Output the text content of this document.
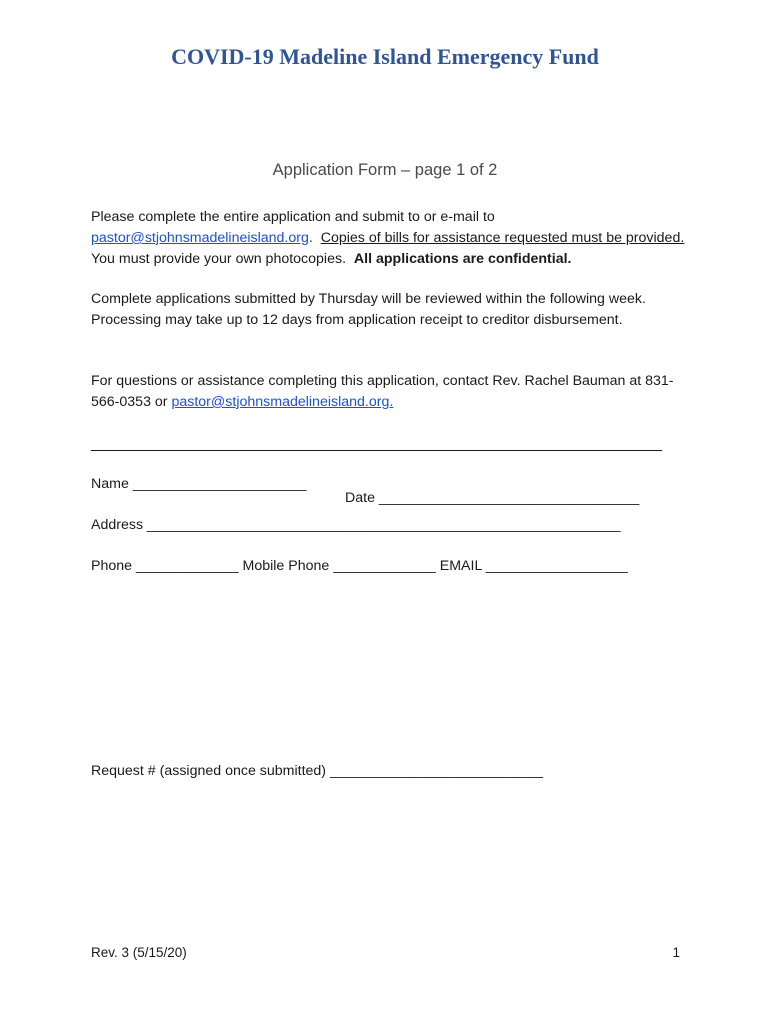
COVID-19 Madeline Island Emergency Fund

Application Form – page 1 of 2

Please complete the entire application and submit to or e-mail to pastor@stjohnsmadelineisland.org. Copies of bills for assistance requested must be provided.  You must provide your own photocopies. All applications are confidential.

Complete applications submitted by Thursday will be reviewed within the following week. Processing may take up to 12 days from application receipt to creditor disbursement.

For questions or assistance completing this application, contact Rev. Rachel Bauman at 831-566-0353 or pastor@stjohnsmadelineisland.org.

Name ______________________

Date _________________________________

Address ____________________________________________________________

Phone _____________ Mobile Phone _____________ EMAIL __________________

Request # (assigned once submitted) ___________________________

Rev. 3 (5/15/20)	1
